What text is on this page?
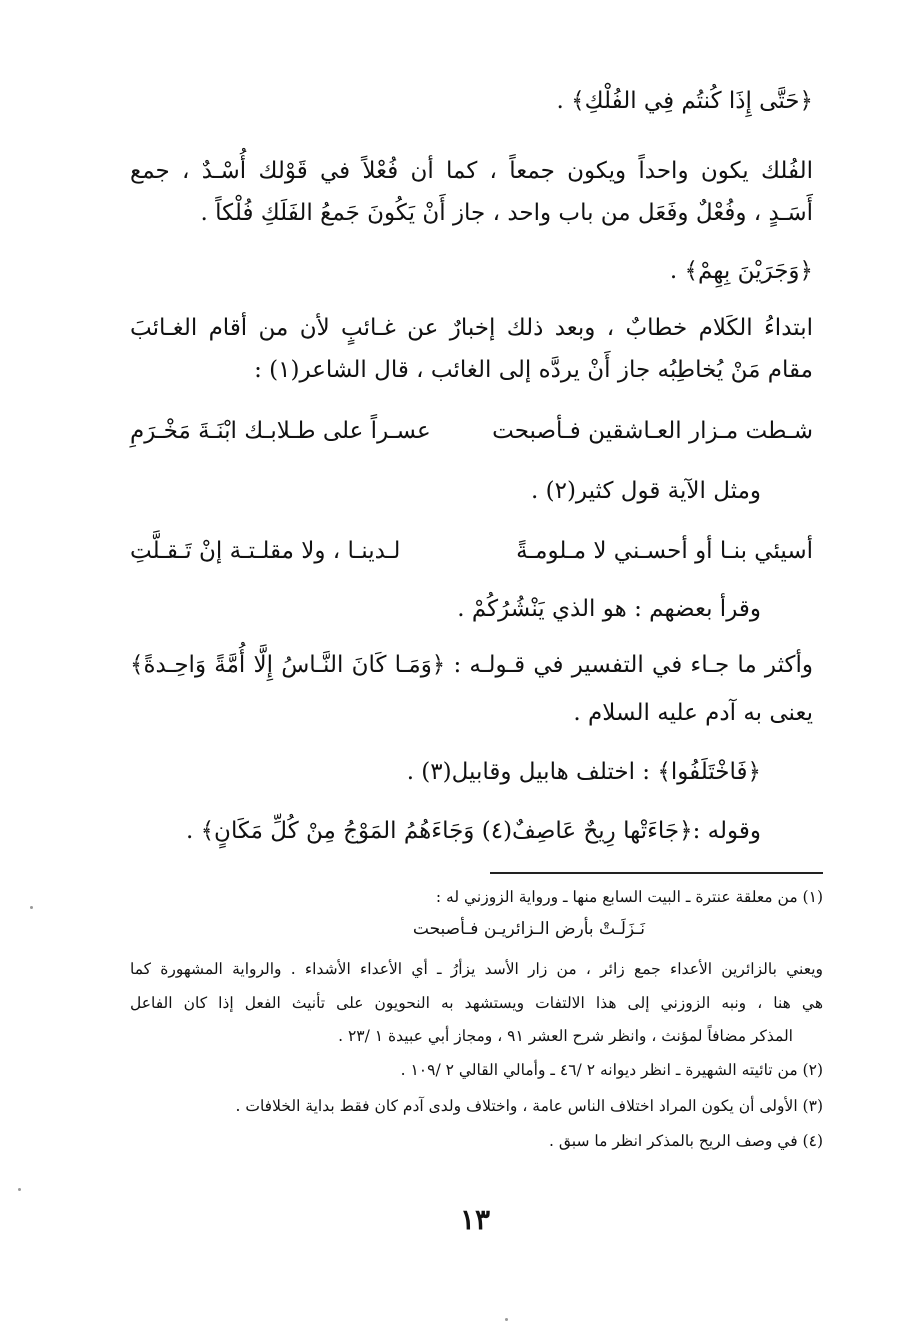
﴿حَتَّى إِذَا كُنتُم فِي الفُلْكِ﴾ .
الفُلك يكون واحداً ويكون جمعاً ، كما أن فُعْلاً في قَوْلك أُسْـدٌ ، جمع
أَسَـدٍ ، وفُعْلٌ وفَعَل من باب واحد ، جاز أَنْ يَكُونَ جَمعُ الفَلَكِ فُلْكاً .
﴿وَجَرَيْنَ بِهِمْ﴾ .
ابتداءُ الكَلام خطابٌ ، وبعد ذلك إخبارٌ عن غـائبٍ لأن من أقام الغـائبَ
مقام مَنْ يُخاطِبُه جاز أَنْ يردَّه إلى الغائب ، قال الشاعر(١) :
شـطت مـزار العـاشقين فـأصبحت
عسـراً على طـلابـك ابْنَـةَ مَخْـرَمِ
ومثل الآية قول كثير(٢) .
أسيئي بنـا أو أحسـني لا مـلومـةً
لـدينـا ، ولا مقلـتـة إنْ تَـقـلَّتِ
وقرأ بعضهم : هو الذي يَنْشُرُكُمْ .
وأكثر ما جـاء في التفسير في قـولـه : ﴿وَمَـا كَانَ النَّـاسُ إِلَّا أُمَّةً وَاحِـدةً﴾
يعنى به آدم عليه السلام .
﴿فَاخْتَلَفُوا﴾ : اختلف هابيل وقابيل(٣) .
وقوله :﴿جَاءَتْها رِيحٌ عَاصِفٌ(٤) وَجَاءَهُمُ المَوْجُ مِنْ كُلِّ مَكَانٍ﴾ .
(١) من معلقة عنترة ـ البيت السابع منها ـ ورواية الزوزني له :
نَـزَلَـتْ بأرض الـزائريـن فـأصبحت
ويعني بالزائرين الأعداء جمع زائر ، من زار الأسد يزأرُ ـ أي الأعداء الأشداء . والرواية المشهورة كما
هي هنا ، ونبه الزوزني إلى هذا الالتفات ويستشهد به النحويون على تأنيث الفعل إذا كان الفاعل
المذكر مضافاً لمؤنث ، وانظر شرح العشر ٩١ ، ومجاز أبي عبيدة ١ /٢٣ .
(٢) من تائيته الشهيرة ـ انظر ديوانه ٢ /٤٦ ـ وأمالي القالي ٢ /١٠٩ .
(٣) الأولى أن يكون المراد اختلاف الناس عامة ، واختلاف ولدى آدم كان فقط بداية الخلافات .
(٤) في وصف الريح بالمذكر انظر ما سبق .
١٣
